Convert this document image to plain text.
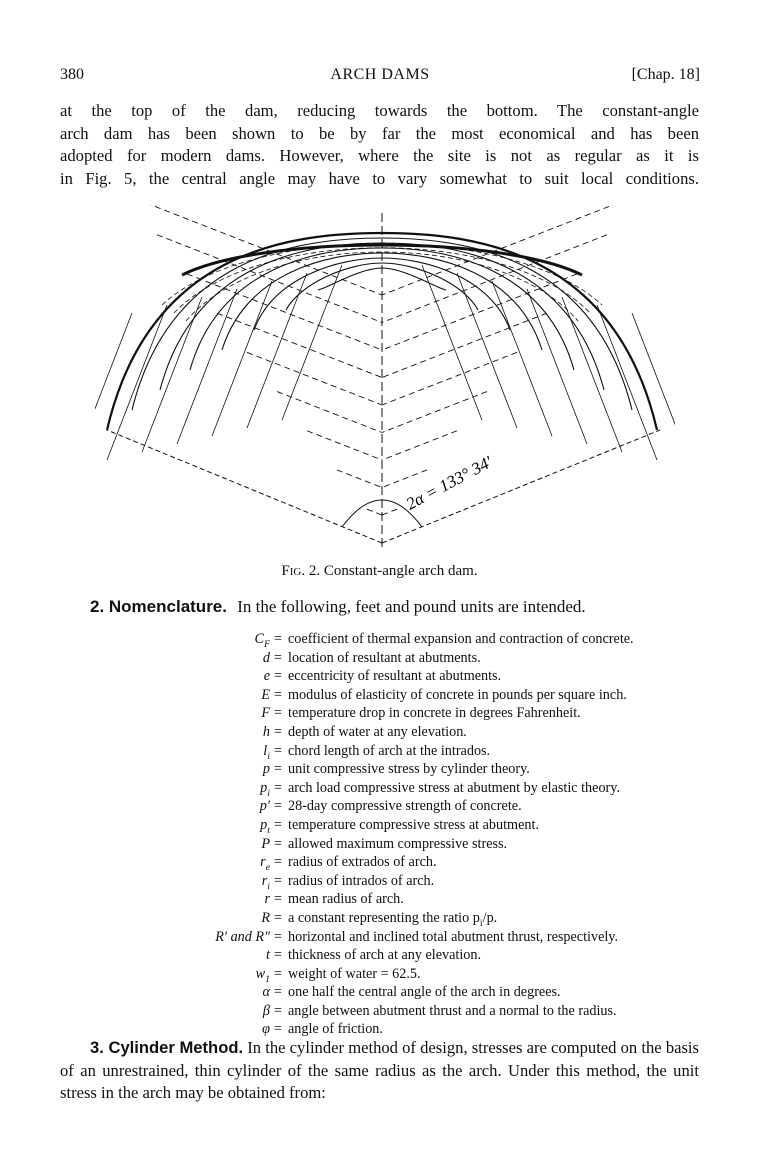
380	ARCH DAMS	[Chap. 18]
at the top of the dam, reducing towards the bottom. The constant-angle
arch dam has been shown to be by far the most economical and has been
adopted for modern dams. However, where the site is not as regular as it is
in Fig. 5, the central angle may have to vary somewhat to suit local conditions.
2α = 133° 34′
Fig. 2. Constant-angle arch dam.
2. Nomenclature. In the following, feet and pound units are intended.
$C_F$ = coefficient of thermal expansion and contraction of concrete.
d = location of resultant at abutments.
e = eccentricity of resultant at abutments.
E = modulus of elasticity of concrete in pounds per square inch.
F = temperature drop in concrete in degrees Fahrenheit.
h = depth of water at any elevation.
$l_i$ = chord length of arch at the intrados.
p = unit compressive stress by cylinder theory.
$p_i$ = arch load compressive stress at abutment by elastic theory.
p′ = 28-day compressive strength of concrete.
$p_t$ = temperature compressive stress at abutment.
P = allowed maximum compressive stress.
$r_e$ = radius of extrados of arch.
$r_i$ = radius of intrados of arch.
r = mean radius of arch.
R = a constant representing the ratio $p_i/p$.
R′ and R″ = horizontal and inclined total abutment thrust, respectively.
t = thickness of arch at any elevation.
$w_1$ = weight of water = 62.5.
α = one half the central angle of the arch in degrees.
β = angle between abutment thrust and a normal to the radius.
φ = angle of friction.
3. Cylinder Method. In the cylinder method of design, stresses are computed on the basis of an unrestrained, thin cylinder of the same radius as the arch. Under this method, the unit stress in the arch may be obtained from:
